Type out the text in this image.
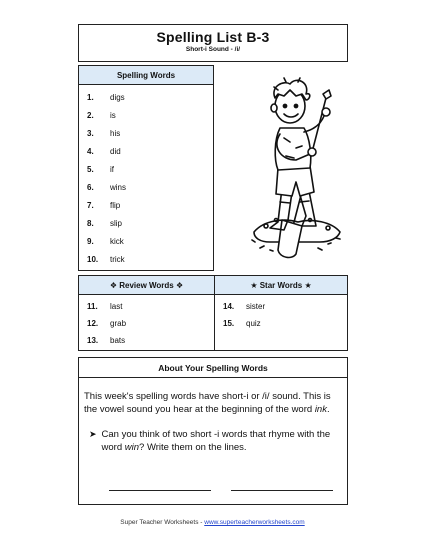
Spelling List B-3
Short-i Sound - /i/
Spelling Words
1.	digs
2.	is
3.	his
4.	did
5.	if
6.	wins
7.	flip
8.	slip
9.	kick
10.	trick
❖ Review Words ❖	★ Star Words ★
11.	last
12.	grab
13.	bats
14.	sister
15.	quiz
About Your Spelling Words

This week's spelling words have short-i or /i/ sound. This is the vowel sound you hear at the beginning of the word ink.

➤ Can you think of two short -i words that rhyme with the word win? Write them on the lines.
Super Teacher Worksheets - www.superteacherworksheets.com
